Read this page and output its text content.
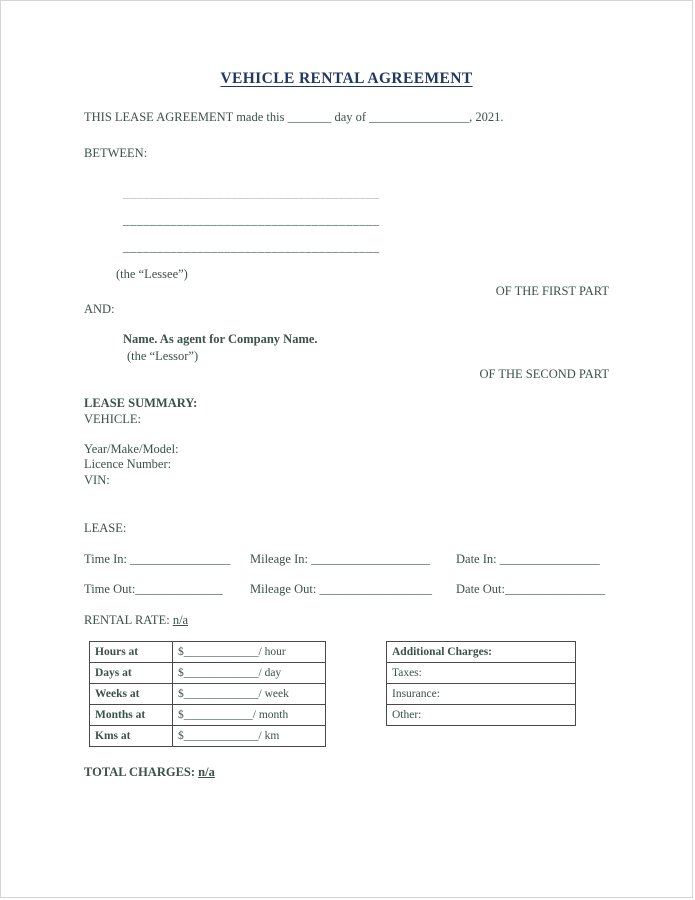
VEHICLE RENTAL AGREEMENT
THIS LEASE AGREEMENT made this _______ day of ________________, 2021.
BETWEEN:
______________________________________
______________________________________
______________________________________
(the “Lessee”)
OF THE FIRST PART
AND:
Name. As agent for Company Name.
(the “Lessor”)
OF THE SECOND PART
LEASE SUMMARY:
VEHICLE:
Year/Make/Model:
Licence Number:
VIN:
LEASE:
Time In: ________________	Mileage In: ___________________	Date In: ________________
Time Out:______________	Mileage Out: __________________	Date Out:________________
RENTAL RATE: n/a
Hours at	$_____________/ hour
Days at	$_____________/ day
Weeks at	$_____________/ week
Months at	$____________/ month
Kms at	$_____________/ km
Additional Charges:
Taxes:
Insurance:
Other:
TOTAL CHARGES: n/a
